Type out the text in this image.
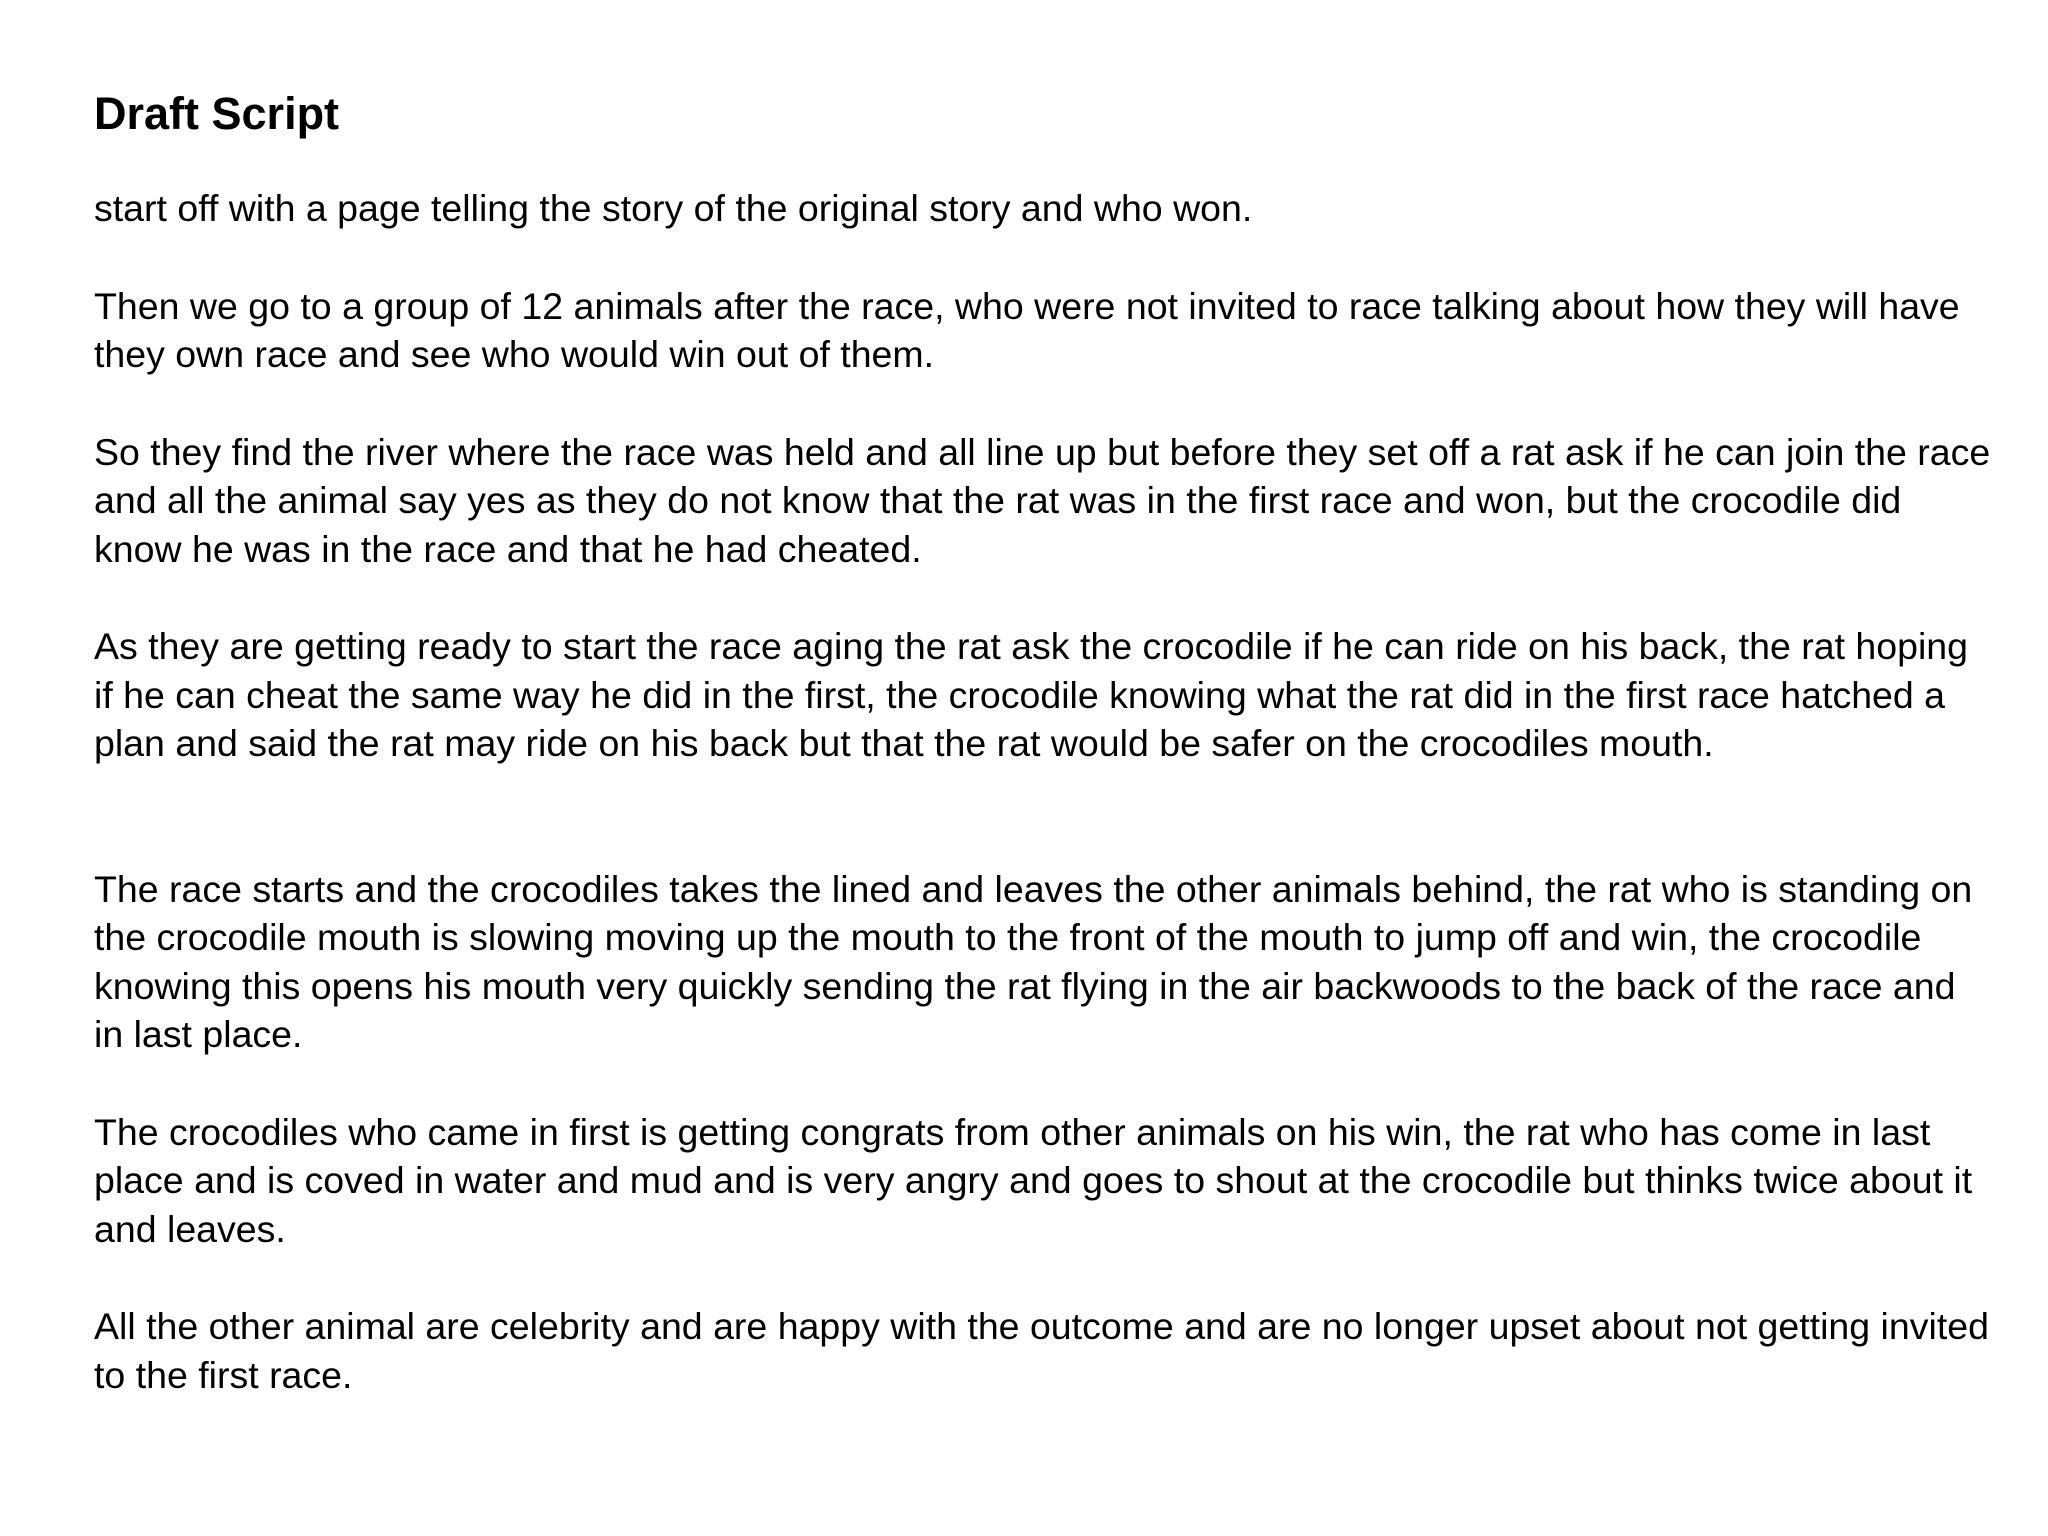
Draft Script

start off with a page telling the story of the original story and who won.

Then we go to a group of 12 animals after the race, who were not invited to race talking about how they will have they own race and see who would win out of them.

So they find the river where the race was held and all line up but before they set off a rat ask if he can join the race and all the animal say yes as they do not know that the rat was in the first race and won, but the crocodile did know he was in the race and that he had cheated.

As they are getting ready to start the race aging the rat ask the crocodile if he can ride on his back, the rat hoping if he can cheat the same way he did in the first, the crocodile knowing what the rat did in the first race hatched a plan and said the rat may ride on his back but that the rat would be safer on the crocodiles mouth.

The race starts and the crocodiles takes the lined and leaves the other animals behind, the rat who is standing on the crocodile mouth is slowing moving up the mouth to the front of the mouth to jump off and win, the crocodile knowing this opens his mouth very quickly sending the rat flying in the air backwoods to the back of the race and in last place.

The crocodiles who came in first is getting congrats from other animals on his win, the rat who has come in last place and is coved in water and mud and is very angry and goes to shout at the crocodile but thinks twice about it and leaves.

All the other animal are celebrity and are happy with the outcome and are no longer upset about not getting invited to the first race.
